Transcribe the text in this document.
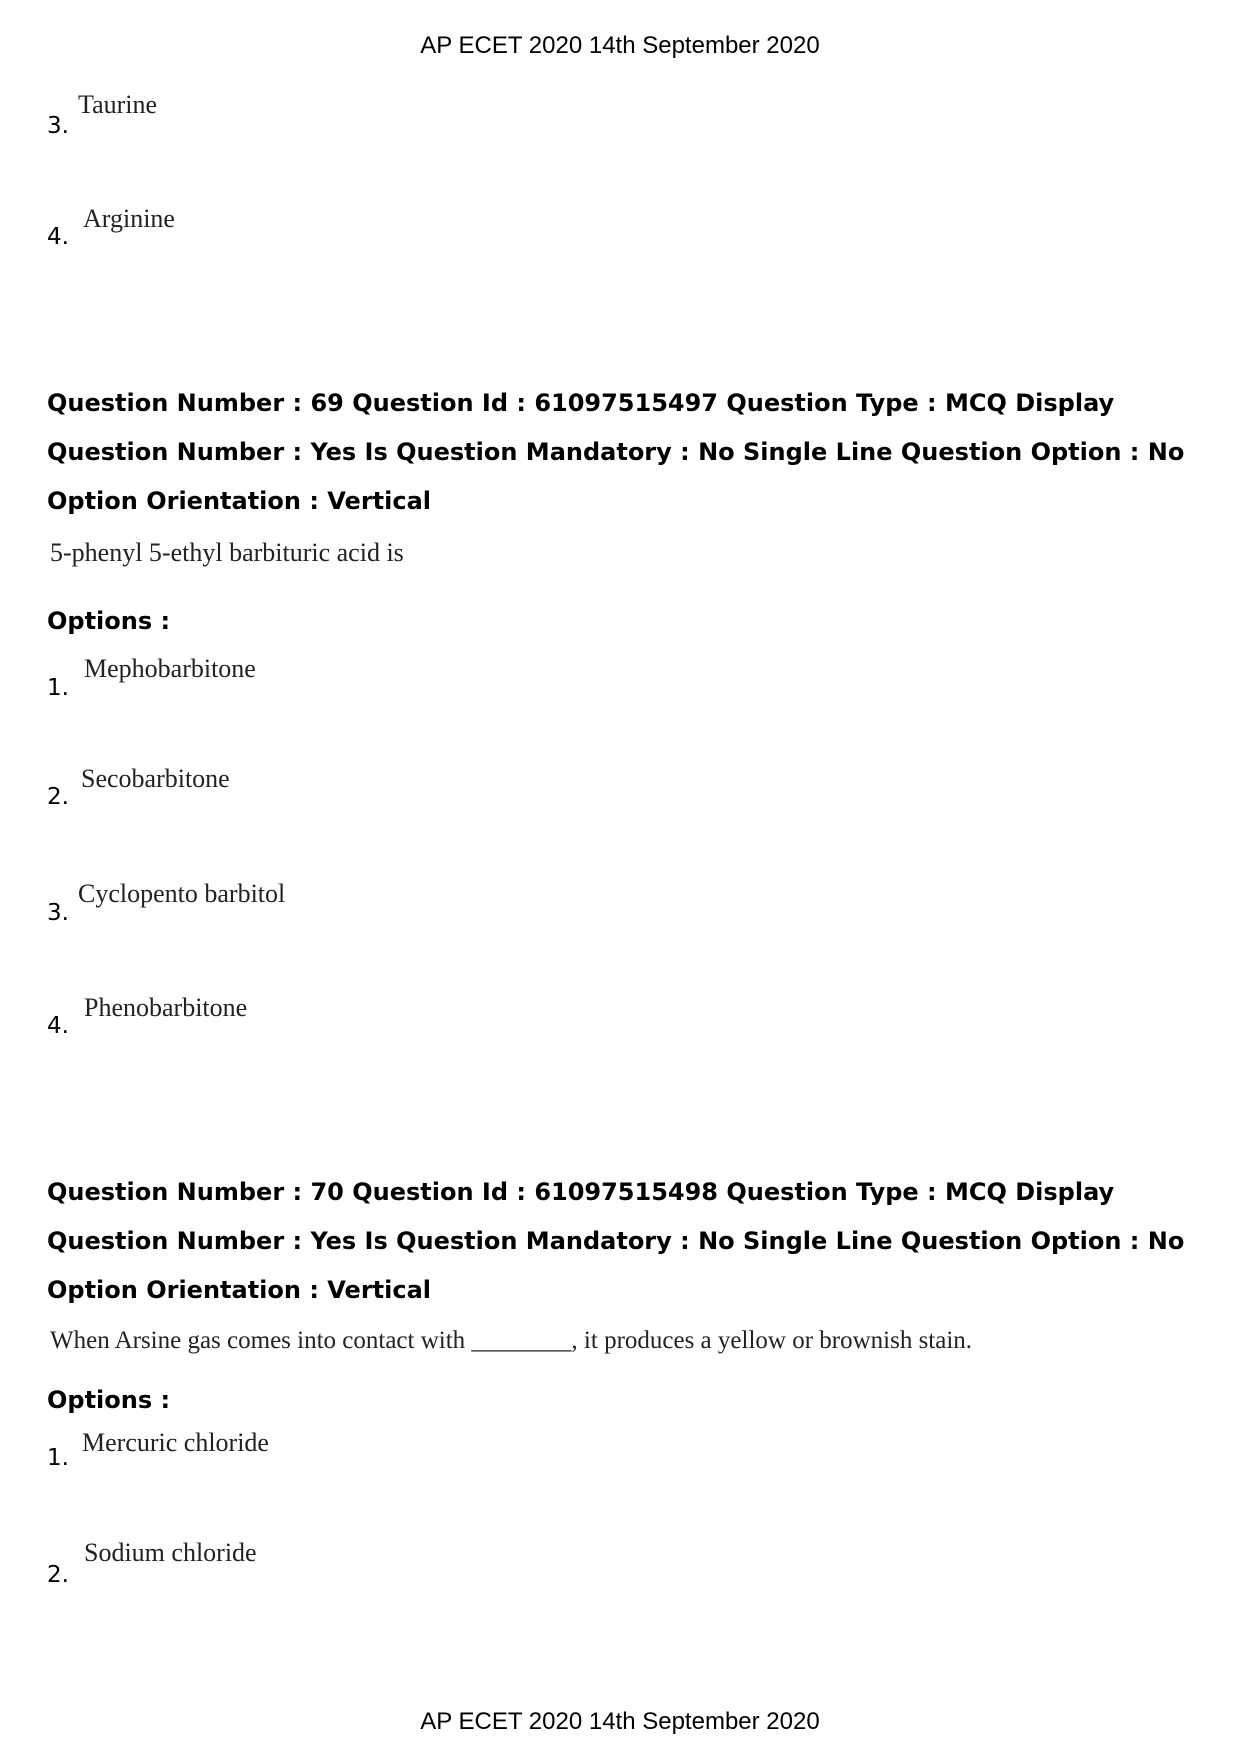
AP ECET 2020 14th September 2020
3.
Taurine
4.
Arginine
Question Number : 69 Question Id : 61097515497 Question Type : MCQ Display Question Number : Yes Is Question Mandatory : No Single Line Question Option : No Option Orientation : Vertical
5-phenyl 5-ethyl barbituric acid is
Options :
1.
Mephobarbitone
2.
Secobarbitone
3.
Cyclopento barbitol
4.
Phenobarbitone
Question Number : 70 Question Id : 61097515498 Question Type : MCQ Display Question Number : Yes Is Question Mandatory : No Single Line Question Option : No Option Orientation : Vertical
When Arsine gas comes into contact with ________, it produces a yellow or brownish stain.
Options :
1.
Mercuric chloride
2.
Sodium chloride
AP ECET 2020 14th September 2020
